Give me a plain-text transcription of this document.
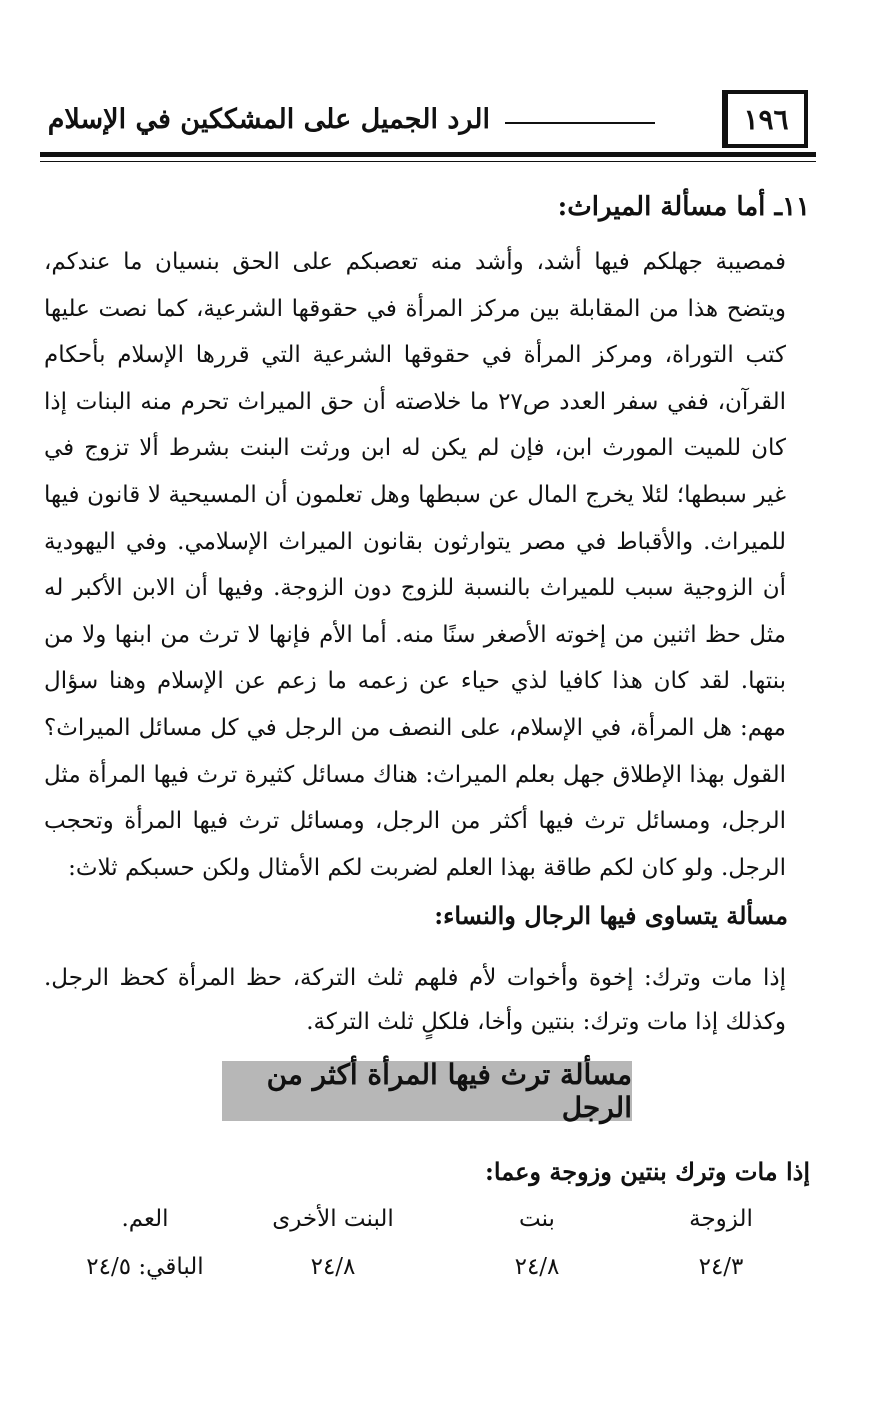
١٩٦
الرد الجميل على المشككين في الإسلام
١١ـ أما مسألة الميراث:
فمصيبة جهلكم فيها أشد، وأشد منه تعصبكم على الحق بنسيان ما عندكم، ويتضح هذا من المقابلة بين مركز المرأة في حقوقها الشرعية، كما نصت عليها كتب التوراة، ومركز المرأة في حقوقها الشرعية التي قررها الإسلام بأحكام القرآن، ففي سفر العدد ص٢٧ ما خلاصته أن حق الميراث تحرم منه البنات إذا كان للميت المورث ابن، فإن لم يكن له ابن ورثت البنت بشرط ألا تزوج في غير سبطها؛ لئلا يخرج المال عن سبطها وهل تعلمون أن المسيحية لا قانون فيها للميراث. والأقباط في مصر يتوارثون بقانون الميراث الإسلامي. وفي اليهودية أن الزوجية سبب للميراث بالنسبة للزوج دون الزوجة. وفيها أن الابن الأكبر له مثل حظ اثنين من إخوته الأصغر سنًا منه. أما الأم فإنها لا ترث من ابنها ولا من بنتها. لقد كان هذا كافيا لذي حياء عن زعمه ما زعم عن الإسلام وهنا سؤال مهم: هل المرأة، في الإسلام، على النصف من الرجل في كل مسائل الميراث؟ القول بهذا الإطلاق جهل بعلم الميراث: هناك مسائل كثيرة ترث فيها المرأة مثل الرجل، ومسائل ترث فيها أكثر من الرجل، ومسائل ترث فيها المرأة وتحجب الرجل. ولو كان لكم طاقة بهذا العلم لضربت لكم الأمثال ولكن حسبكم ثلاث:
مسألة يتساوى فيها الرجال والنساء:
إذا مات وترك: إخوة وأخوات لأم فلهم ثلث التركة، حظ المرأة كحظ الرجل. وكذلك إذا مات وترك: بنتين وأخا، فلكلٍ ثلث التركة.
مسألة ترث فيها المرأة أكثر من الرجل
إذا مات وترك بنتين وزوجة وعما:
الزوجة
بنت
البنت الأخرى
العم.
٢٤/٣
٢٤/٨
٢٤/٨
الباقي: ٢٤/٥
